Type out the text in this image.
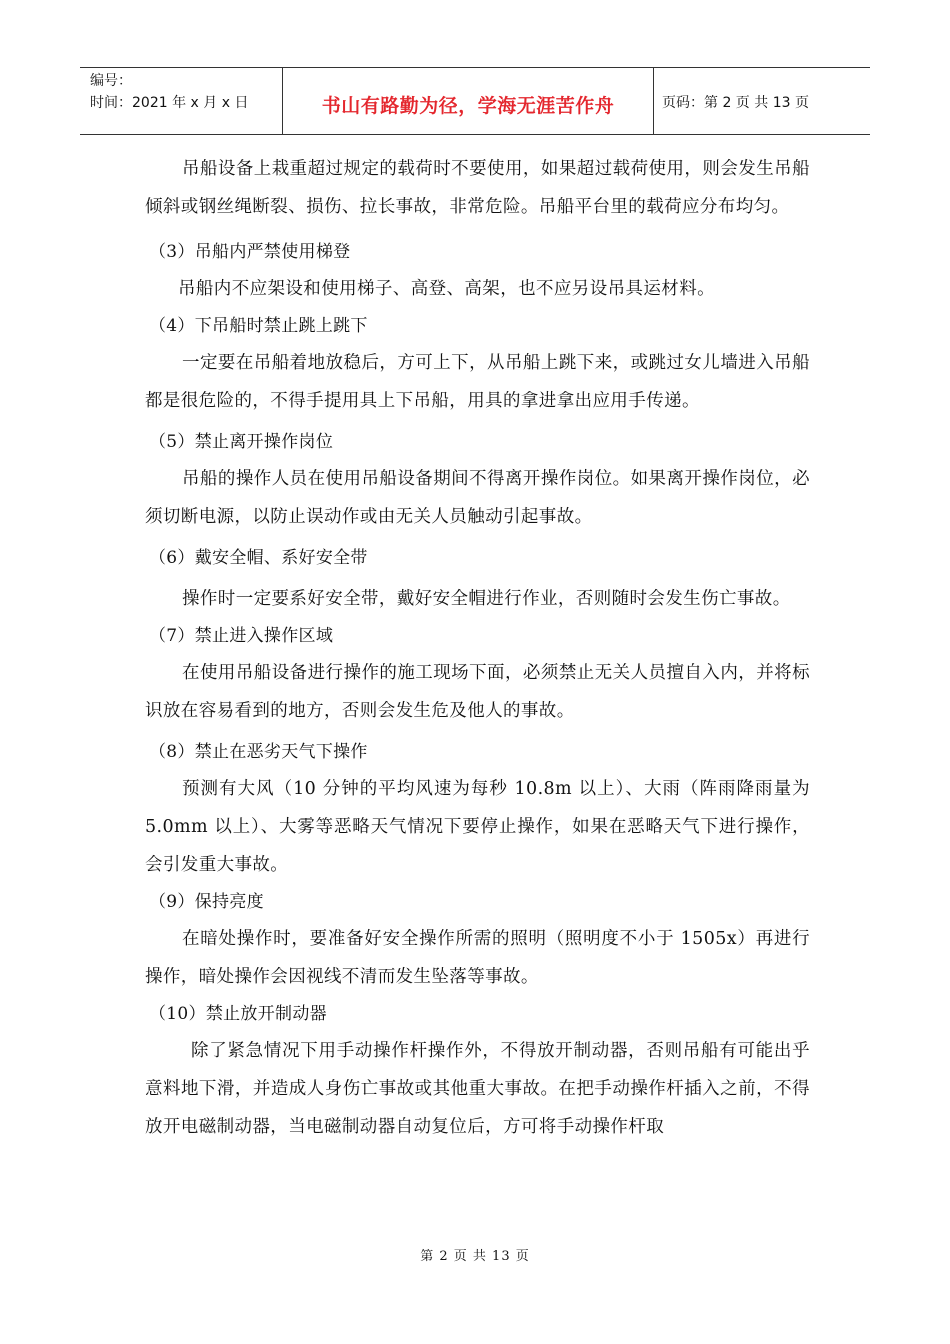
编号：
时间：2021 年 x 月 x 日	书山有路勤为径，学海无涯苦作舟	页码：第 2 页 共 13 页

吊船设备上栽重超过规定的载荷时不要使用，如果超过载荷使用，则会发生吊船倾斜或钢丝绳断裂、损伤、拉长事故，非常危险。吊船平台里的载荷应分布均匀。

（3）吊船内严禁使用梯登

吊船内不应架设和使用梯子、高登、高架，也不应另设吊具运材料。

（4）下吊船时禁止跳上跳下

一定要在吊船着地放稳后，方可上下，从吊船上跳下来，或跳过女儿墙进入吊船都是很危险的，不得手提用具上下吊船，用具的拿进拿出应用手传递。

（5）禁止离开操作岗位

吊船的操作人员在使用吊船设备期间不得离开操作岗位。如果离开操作岗位，必须切断电源，以防止误动作或由无关人员触动引起事故。

（6）戴安全帽、系好安全带

操作时一定要系好安全带，戴好安全帽进行作业，否则随时会发生伤亡事故。

（7）禁止进入操作区域

在使用吊船设备进行操作的施工现场下面，必须禁止无关人员擅自入内，并将标识放在容易看到的地方，否则会发生危及他人的事故。

（8）禁止在恶劣天气下操作

预测有大风（10 分钟的平均风速为每秒 10.8m 以上）、大雨（阵雨降雨量为 5.0mm 以上）、大雾等恶略天气情况下要停止操作，如果在恶略天气下进行操作，会引发重大事故。

（9）保持亮度

在暗处操作时，要准备好安全操作所需的照明（照明度不小于 1505x）再进行操作，暗处操作会因视线不清而发生坠落等事故。

（10）禁止放开制动器

除了紧急情况下用手动操作杆操作外，不得放开制动器，否则吊船有可能出乎意料地下滑，并造成人身伤亡事故或其他重大事故。在把手动操作杆插入之前，不得放开电磁制动器，当电磁制动器自动复位后，方可将手动操作杆取

第 2 页 共 13 页
